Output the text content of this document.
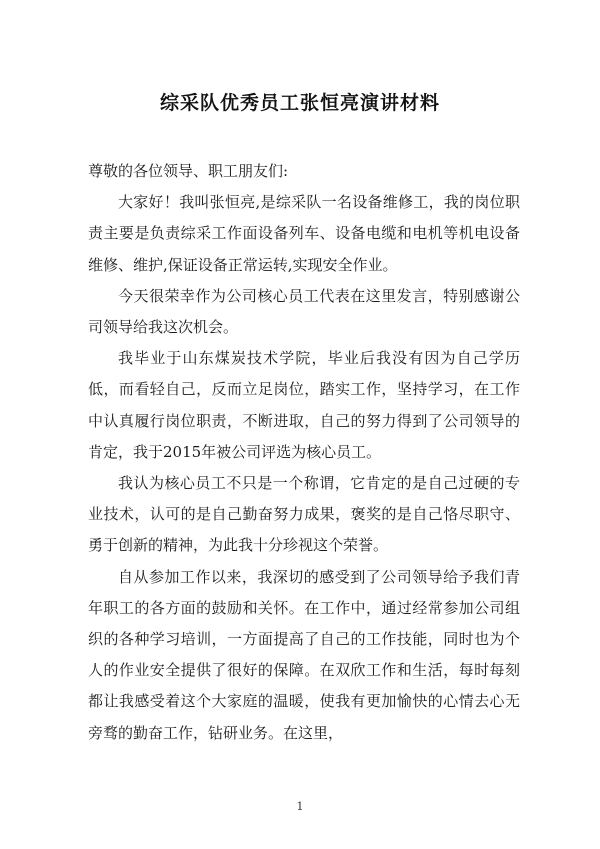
综采队优秀员工张恒亮演讲材料

尊敬的各位领导、职工朋友们:

大家好！我叫张恒亮,是综采队一名设备维修工，我的岗位职责主要是负责综采工作面设备列车、设备电缆和电机等机电设备维修、维护,保证设备正常运转,实现安全作业。

今天很荣幸作为公司核心员工代表在这里发言，特别感谢公司领导给我这次机会。

我毕业于山东煤炭技术学院，毕业后我没有因为自己学历低，而看轻自己，反而立足岗位，踏实工作，坚持学习，在工作中认真履行岗位职责，不断进取，自己的努力得到了公司领导的肯定，我于2015年被公司评选为核心员工。

我认为核心员工不只是一个称谓，它肯定的是自己过硬的专业技术，认可的是自己勤奋努力成果，褒奖的是自己恪尽职守、勇于创新的精神，为此我十分珍视这个荣誉。

自从参加工作以来，我深切的感受到了公司领导给予我们青年职工的各方面的鼓励和关怀。在工作中，通过经常参加公司组织的各种学习培训，一方面提高了自己的工作技能，同时也为个人的作业安全提供了很好的保障。在双欣工作和生活，每时每刻都让我感受着这个大家庭的温暖，使我有更加愉快的心情去心无旁骛的勤奋工作，钻研业务。在这里，

1
